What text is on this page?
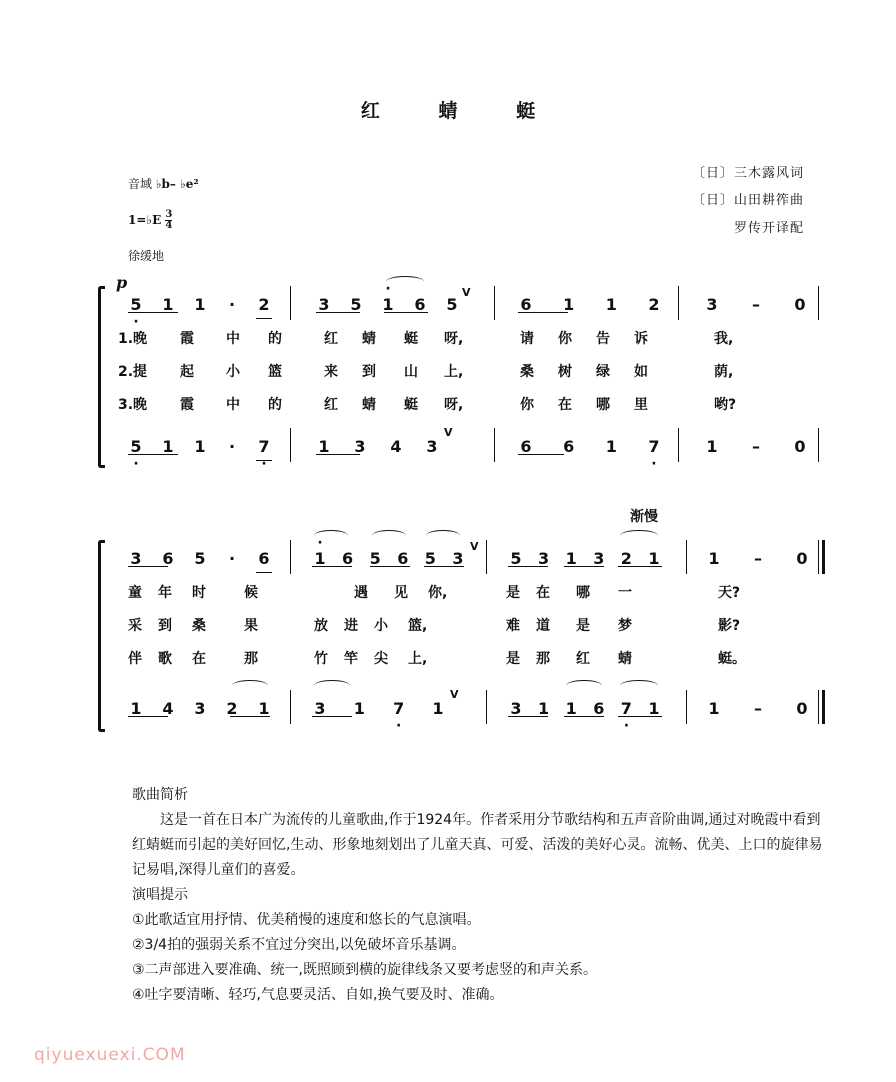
红 蜻 蜓
〔日〕三木露风词
〔日〕山田耕筰曲
罗传开译配
音域 ♭b– ♭e²
1=♭E $\frac{3}{4}$
徐缓地
p
· 5 1 1 · 2	3 5 · 1 6 5
V
6 1 1 2	3 – 0
1.晚 霞 中 的	红 蜻 蜓 呀,	请 你 告 诉	我,
2.提 起 小 篮	来 到 山 上,	桑 树 绿 如	荫,
3.晚 霞 中 的	红 蜻 蜓 呀,	你 在 哪 里	哟?
· 5 1 1 · · 7	1 3 4 3
V
6 6 1 · 7	1 – 0
渐慢
3 6 5 · 6	· 1 6 5 6 5 3
V
5 3 1 3 2 1	1 – 0
童 年 时	候	遇 见 你,	是 在 哪 一	天?
采 到 桑	果	放 进 小 篮,	难 道 是 梦	影?
伴 歌 在	那	竹 竿 尖 上,	是 那 红 蜻	蜓。
1 4 3 2 1	3 1 · 7 1
V
3 1 1 6 · 7 1	1 – 0

歌曲简析

这是一首在日本广为流传的儿童歌曲,作于1924年。作者采用分节歌结构和五声音阶曲调,通过对晚霞中看到红蜻蜓而引起的美好回忆,生动、形象地刻划出了儿童天真、可爱、活泼的美好心灵。流畅、优美、上口的旋律易记易唱,深得儿童们的喜爱。

演唱提示

①此歌适宜用抒情、优美稍慢的速度和悠长的气息演唱。

②3/4拍的强弱关系不宜过分突出,以免破坏音乐基调。

③二声部进入要准确、统一,既照顾到横的旋律线条又要考虑竖的和声关系。

④吐字要清晰、轻巧,气息要灵活、自如,换气要及时、准确。

qiyuexuexi.COM
